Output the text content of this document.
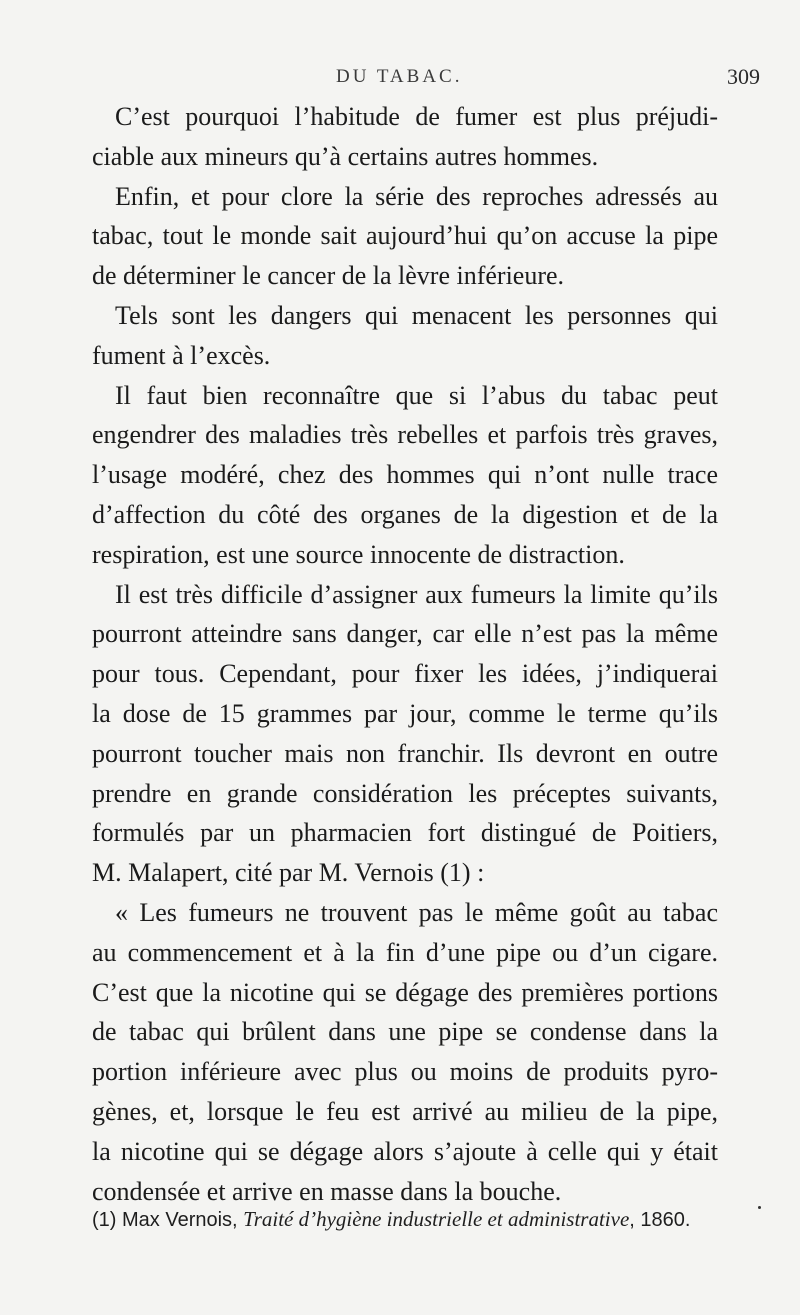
DU TABAC.	309
C’est pourquoi l’habitude de fumer est plus préjudi-
ciable aux mineurs qu’à certains autres hommes.
Enfin, et pour clore la série des reproches adressés au
tabac, tout le monde sait aujourd’hui qu’on accuse la pipe
de déterminer le cancer de la lèvre inférieure.
Tels sont les dangers qui menacent les personnes qui
fument à l’excès.
Il faut bien reconnaître que si l’abus du tabac peut
engendrer des maladies très rebelles et parfois très graves,
l’usage modéré, chez des hommes qui n’ont nulle trace
d’affection du côté des organes de la digestion et de la
respiration, est une source innocente de distraction.
Il est très difficile d’assigner aux fumeurs la limite qu’ils
pourront atteindre sans danger, car elle n’est pas la même
pour tous. Cependant, pour fixer les idées, j’indiquerai
la dose de 15 grammes par jour, comme le terme qu’ils
pourront toucher mais non franchir. Ils devront en outre
prendre en grande considération les préceptes suivants,
formulés par un pharmacien fort distingué de Poitiers,
M. Malapert, cité par M. Vernois (1) :
« Les fumeurs ne trouvent pas le même goût au tabac
au commencement et à la fin d’une pipe ou d’un cigare.
C’est que la nicotine qui se dégage des premières portions
de tabac qui brûlent dans une pipe se condense dans la
portion inférieure avec plus ou moins de produits pyro-
gènes, et, lorsque le feu est arrivé au milieu de la pipe,
la nicotine qui se dégage alors s’ajoute à celle qui y était
condensée et arrive en masse dans la bouche.
(1) Max Vernois, Traité d’hygiène industrielle et administrative, 1860.
